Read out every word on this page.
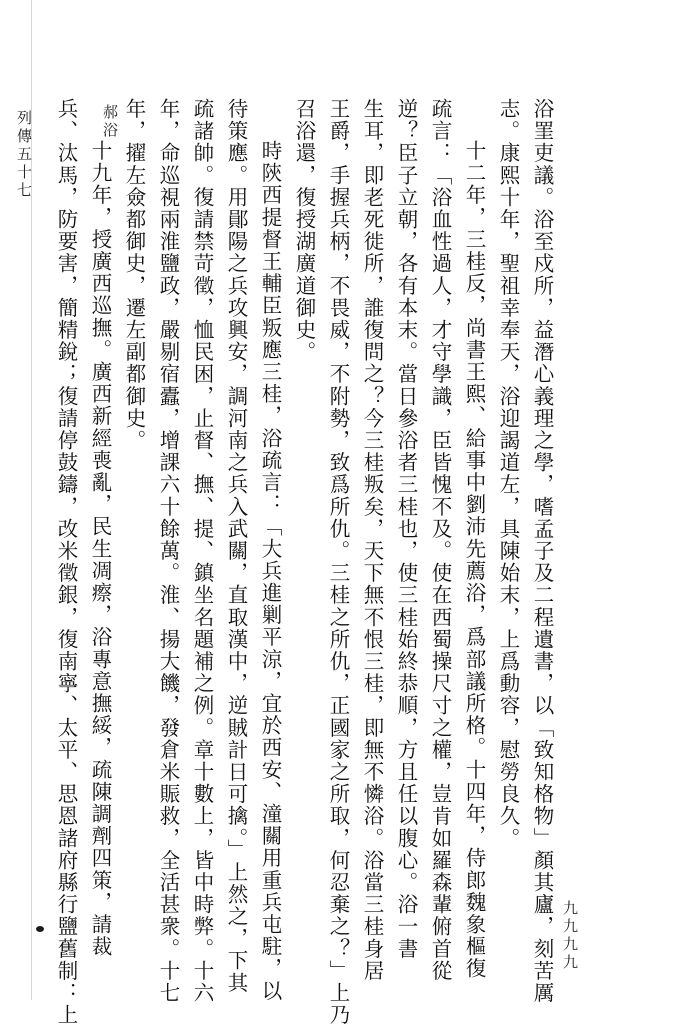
浴罣吏議。浴至戍所，益潛心義理之學，嗜孟子及二程遺書，以「致知格物」顏其廬，刻苦厲
志。康熙十年，聖祖幸奉天，浴迎謁道左，具陳始末，上爲動容，慰勞良久。
十二年，三桂反，尚書王熙、給事中劉沛先薦浴，爲部議所格。十四年，侍郎魏象樞復
疏言：「浴血性過人，才守學識，臣皆愧不及。使在西蜀操尺寸之權，豈肯如羅森輩俯首從
逆？臣子立朝，各有本末。當日參浴者三桂也，使三桂始終恭順，方且任以腹心。浴一書
生耳，即老死徙所，誰復問之？今三桂叛矣，天下無不恨三桂，即無不憐浴。浴當三桂身居
王爵，手握兵柄，不畏威，不附勢，致爲所仇。三桂之所仇，正國家之所取，何忍棄之？」上乃
召浴還，復授湖廣道御史。
時陝西提督王輔臣叛應三桂，浴疏言：「大兵進剿平涼，宜於西安、潼關用重兵屯駐，以
待策應。用鄖陽之兵攻興安，調河南之兵入武關，直取漢中，逆賊計日可擒。」上然之，下其
疏諸帥。復請禁苛徵，恤民困，止督、撫、提、鎮坐名題補之例。章十數上，皆中時弊。十六
年，命巡視兩淮鹽政，嚴剔宿蠹，增課六十餘萬。淮、揚大饑，發倉米賑救，全活甚衆。十七
年，擢左僉都御史，遷左副都御史。
十九年，授廣西巡撫。廣西新經喪亂，民生凋瘵，浴專意撫綏，疏陳調劑四策，請裁
兵、汰馬，防要害，簡精銳；復請停鼓鑄，改米徵銀，復南寧、太平、思恩諸府縣行鹽舊制：上
列傳五十七	郝浴
九九九九
